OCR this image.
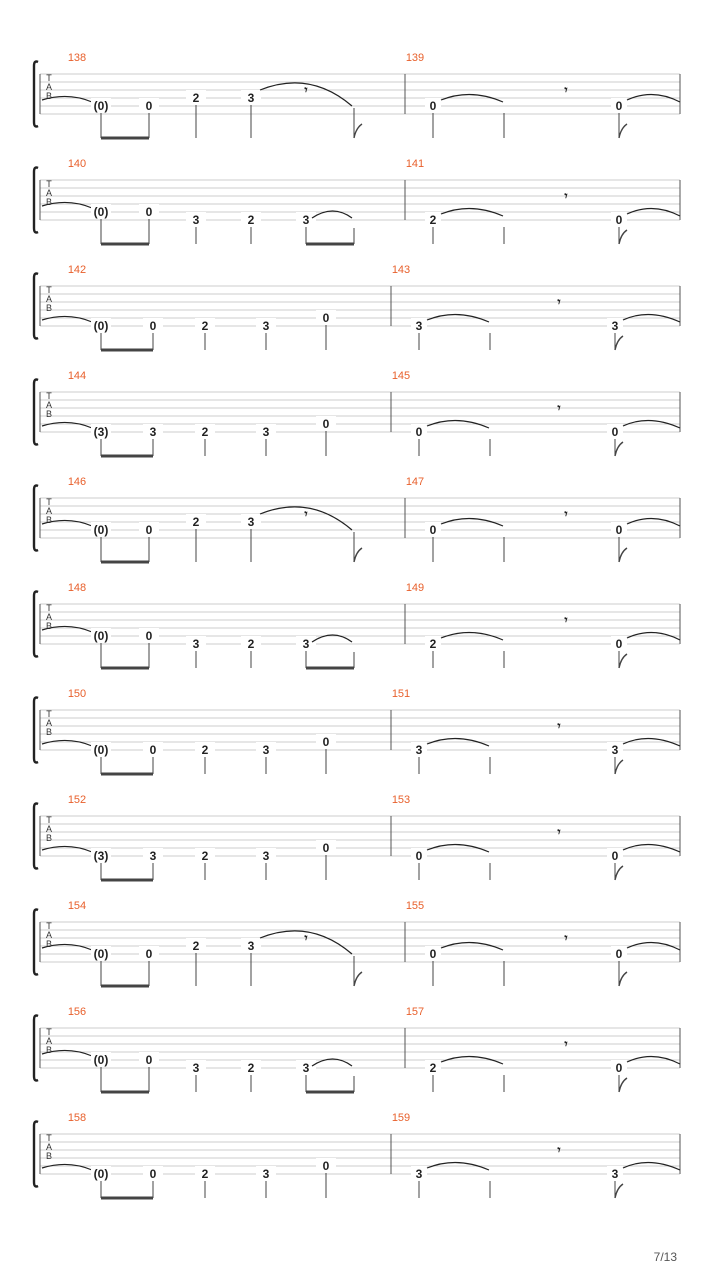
T
A
B
138	139
(0)	0
2	3
𝄾
0
𝄾
0
T
A
B
140	141
(0)	0
3	2	3	2
𝄾
0
T
A
B
142	143
(0)	0	2	3
0
3
𝄾
3
T
A
B
144	145
(3)	3	2	3
0
0
𝄾
0
T
A
B
146	147
(0)	0
2	3
𝄾
0
𝄾
0
T
A
B
148	149
(0)	0
3	2	3	2
𝄾
0
T
A
B
150	151
(0)	0	2	3
0
3
𝄾
3
T
A
B
152	153
(3)	3	2	3
0
0
𝄾
0
T
A
B
154	155
(0)	0
2	3
𝄾
0
𝄾
0
T
A
B
156	157
(0)	0
3	2	3	2
𝄾
0
T
A
B
158	159
(0)	0	2	3
0
3
𝄾
3
7/13
